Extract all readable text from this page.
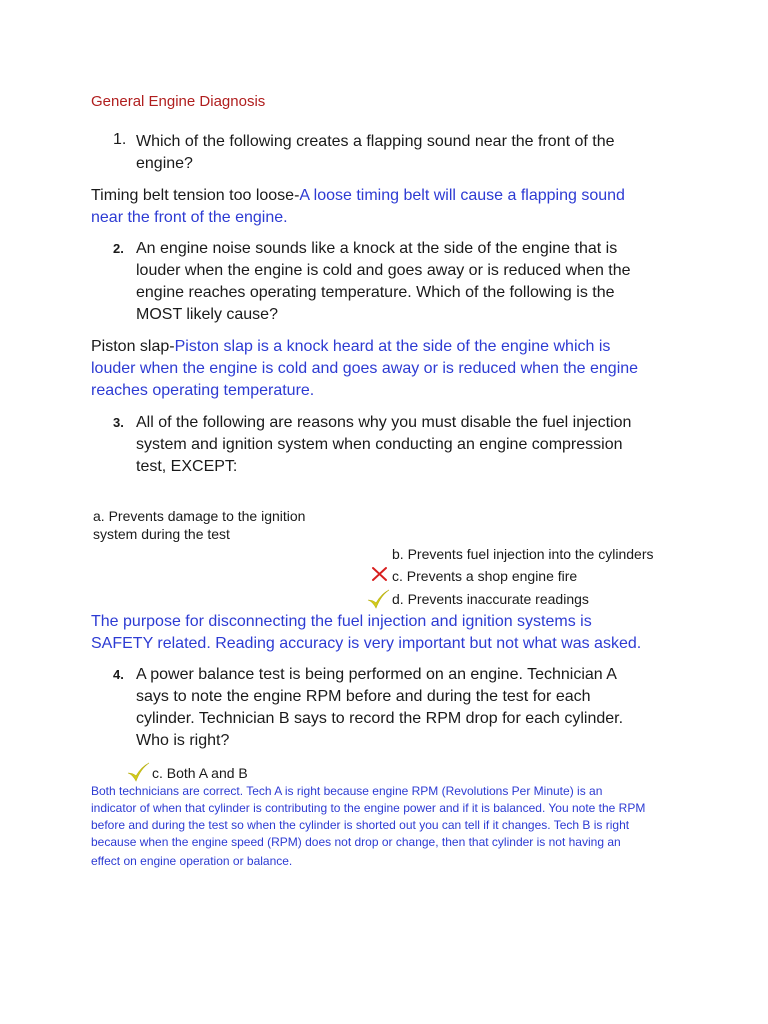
General Engine Diagnosis
1. Which of the following creates a flapping sound near the front of the
engine?
Timing belt tension too loose-A loose timing belt will cause a flapping sound
near the front of the engine.
2. An engine noise sounds like a knock at the side of the engine that is
louder when the engine is cold and goes away or is reduced when the
engine reaches operating temperature. Which of the following is the
MOST likely cause?
Piston slap-Piston slap is a knock heard at the side of the engine which is
louder when the engine is cold and goes away or is reduced when the engine
reaches operating temperature.
3. All of the following are reasons why you must disable the fuel injection
system and ignition system when conducting an engine compression
test, EXCEPT:
a. Prevents damage to the ignition
system during the test
b. Prevents fuel injection into the cylinders
c. Prevents a shop engine fire
d. Prevents inaccurate readings
The purpose for disconnecting the fuel injection and ignition systems is
SAFETY related. Reading accuracy is very important but not what was asked.
4. A power balance test is being performed on an engine. Technician A
says to note the engine RPM before and during the test for each
cylinder. Technician B says to record the RPM drop for each cylinder.
Who is right?
c. Both A and B
Both technicians are correct. Tech A is right because engine RPM (Revolutions Per Minute) is an
indicator of when that cylinder is contributing to the engine power and if it is balanced. You note the RPM
before and during the test so when the cylinder is shorted out you can tell if it changes. Tech B is right
because when the engine speed (RPM) does not drop or change, then that cylinder is not having an
effect on engine operation or balance.
